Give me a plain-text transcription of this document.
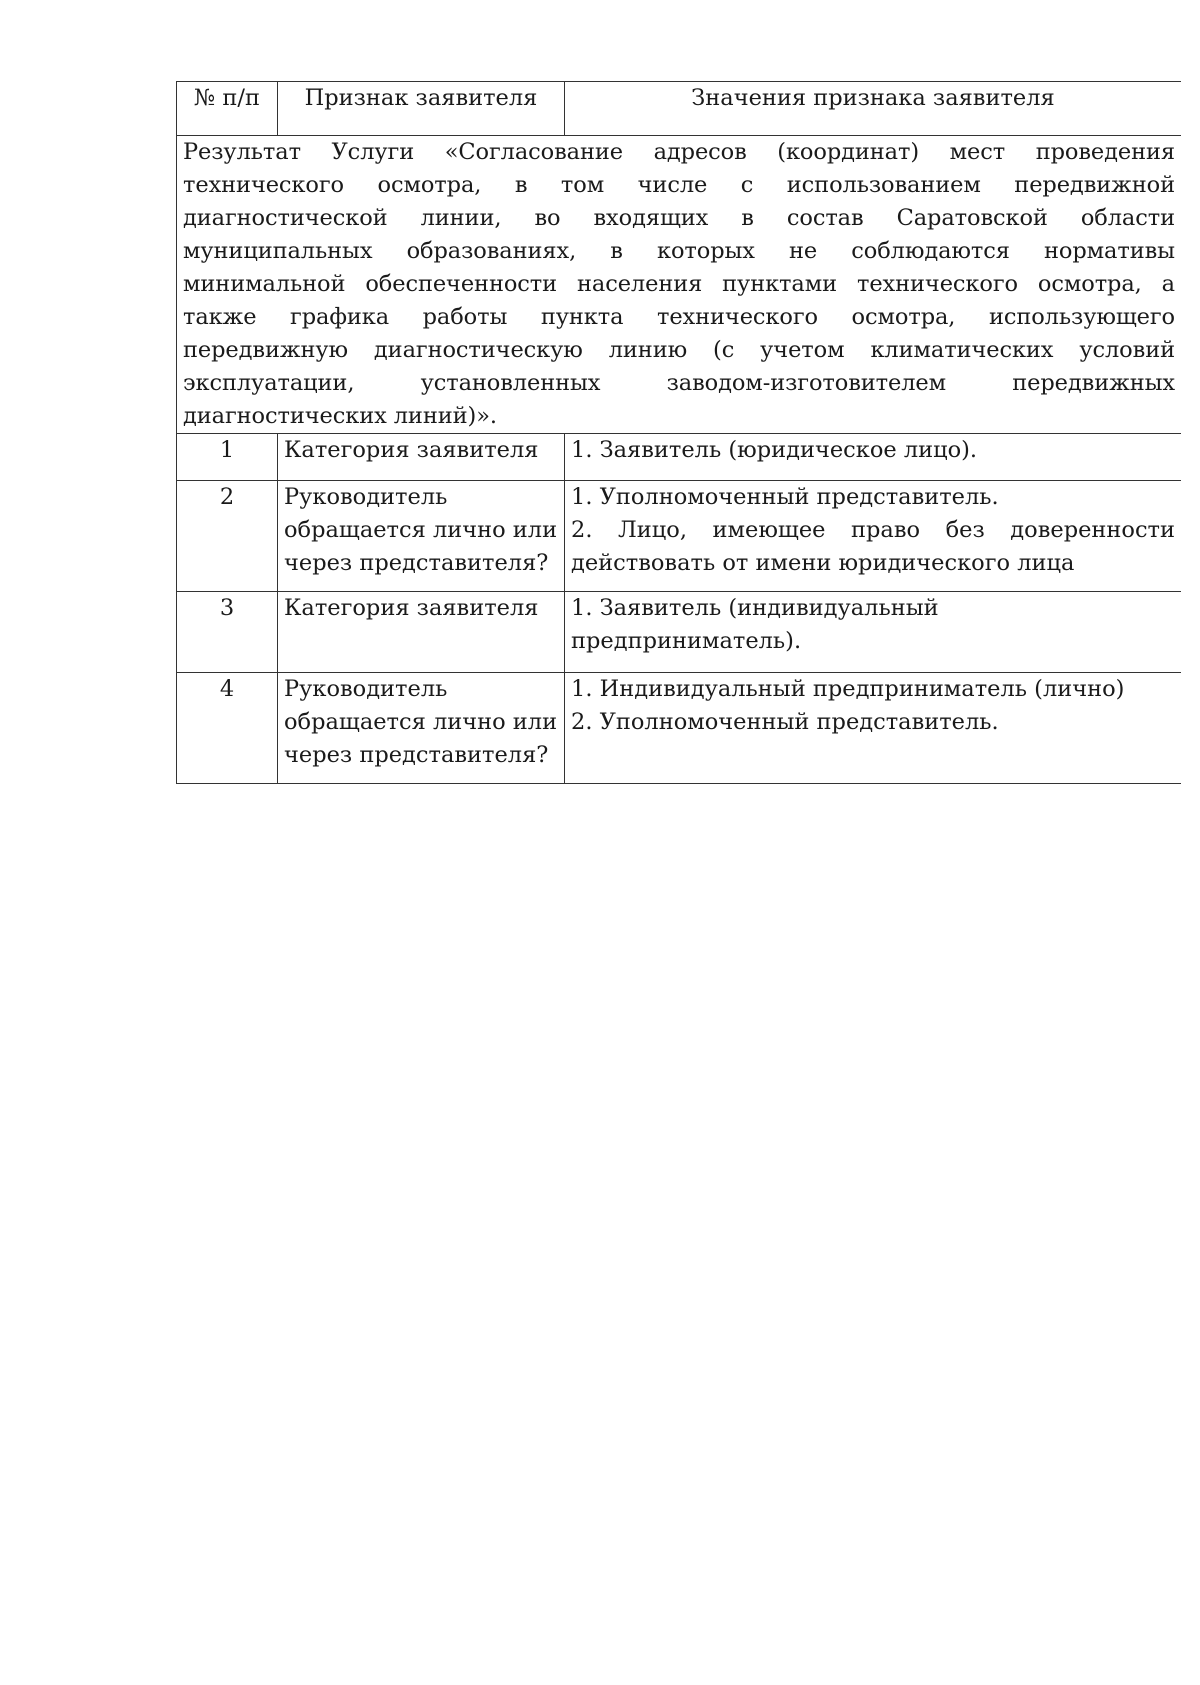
№ п/п	Признак заявителя	Значения признака заявителя
Результат Услуги «Согласование адресов (координат) мест проведения технического осмотра, в том числе с использованием передвижной диагностической линии, во входящих в состав Саратовской области муниципальных образованиях, в которых не соблюдаются нормативы минимальной обеспеченности населения пунктами технического осмотра, а также графика работы пункта технического осмотра, использующего передвижную диагностическую линию (с учетом климатических условий эксплуатации, установленных заводом-изготовителем передвижных диагностических линий)».		
1	Категория заявителя	1. Заявитель (юридическое лицо).

2	Руководитель обращается лично или через представителя?	1. Уполномоченный представитель.
2. Лицо, имеющее право без доверенности действовать от имени юридического лица

3	Категория заявителя	1. Заявитель (индивидуальный предприниматель).

4	Руководитель обращается лично или через представителя?	1. Индивидуальный предприниматель (лично)
2. Уполномоченный представитель.
